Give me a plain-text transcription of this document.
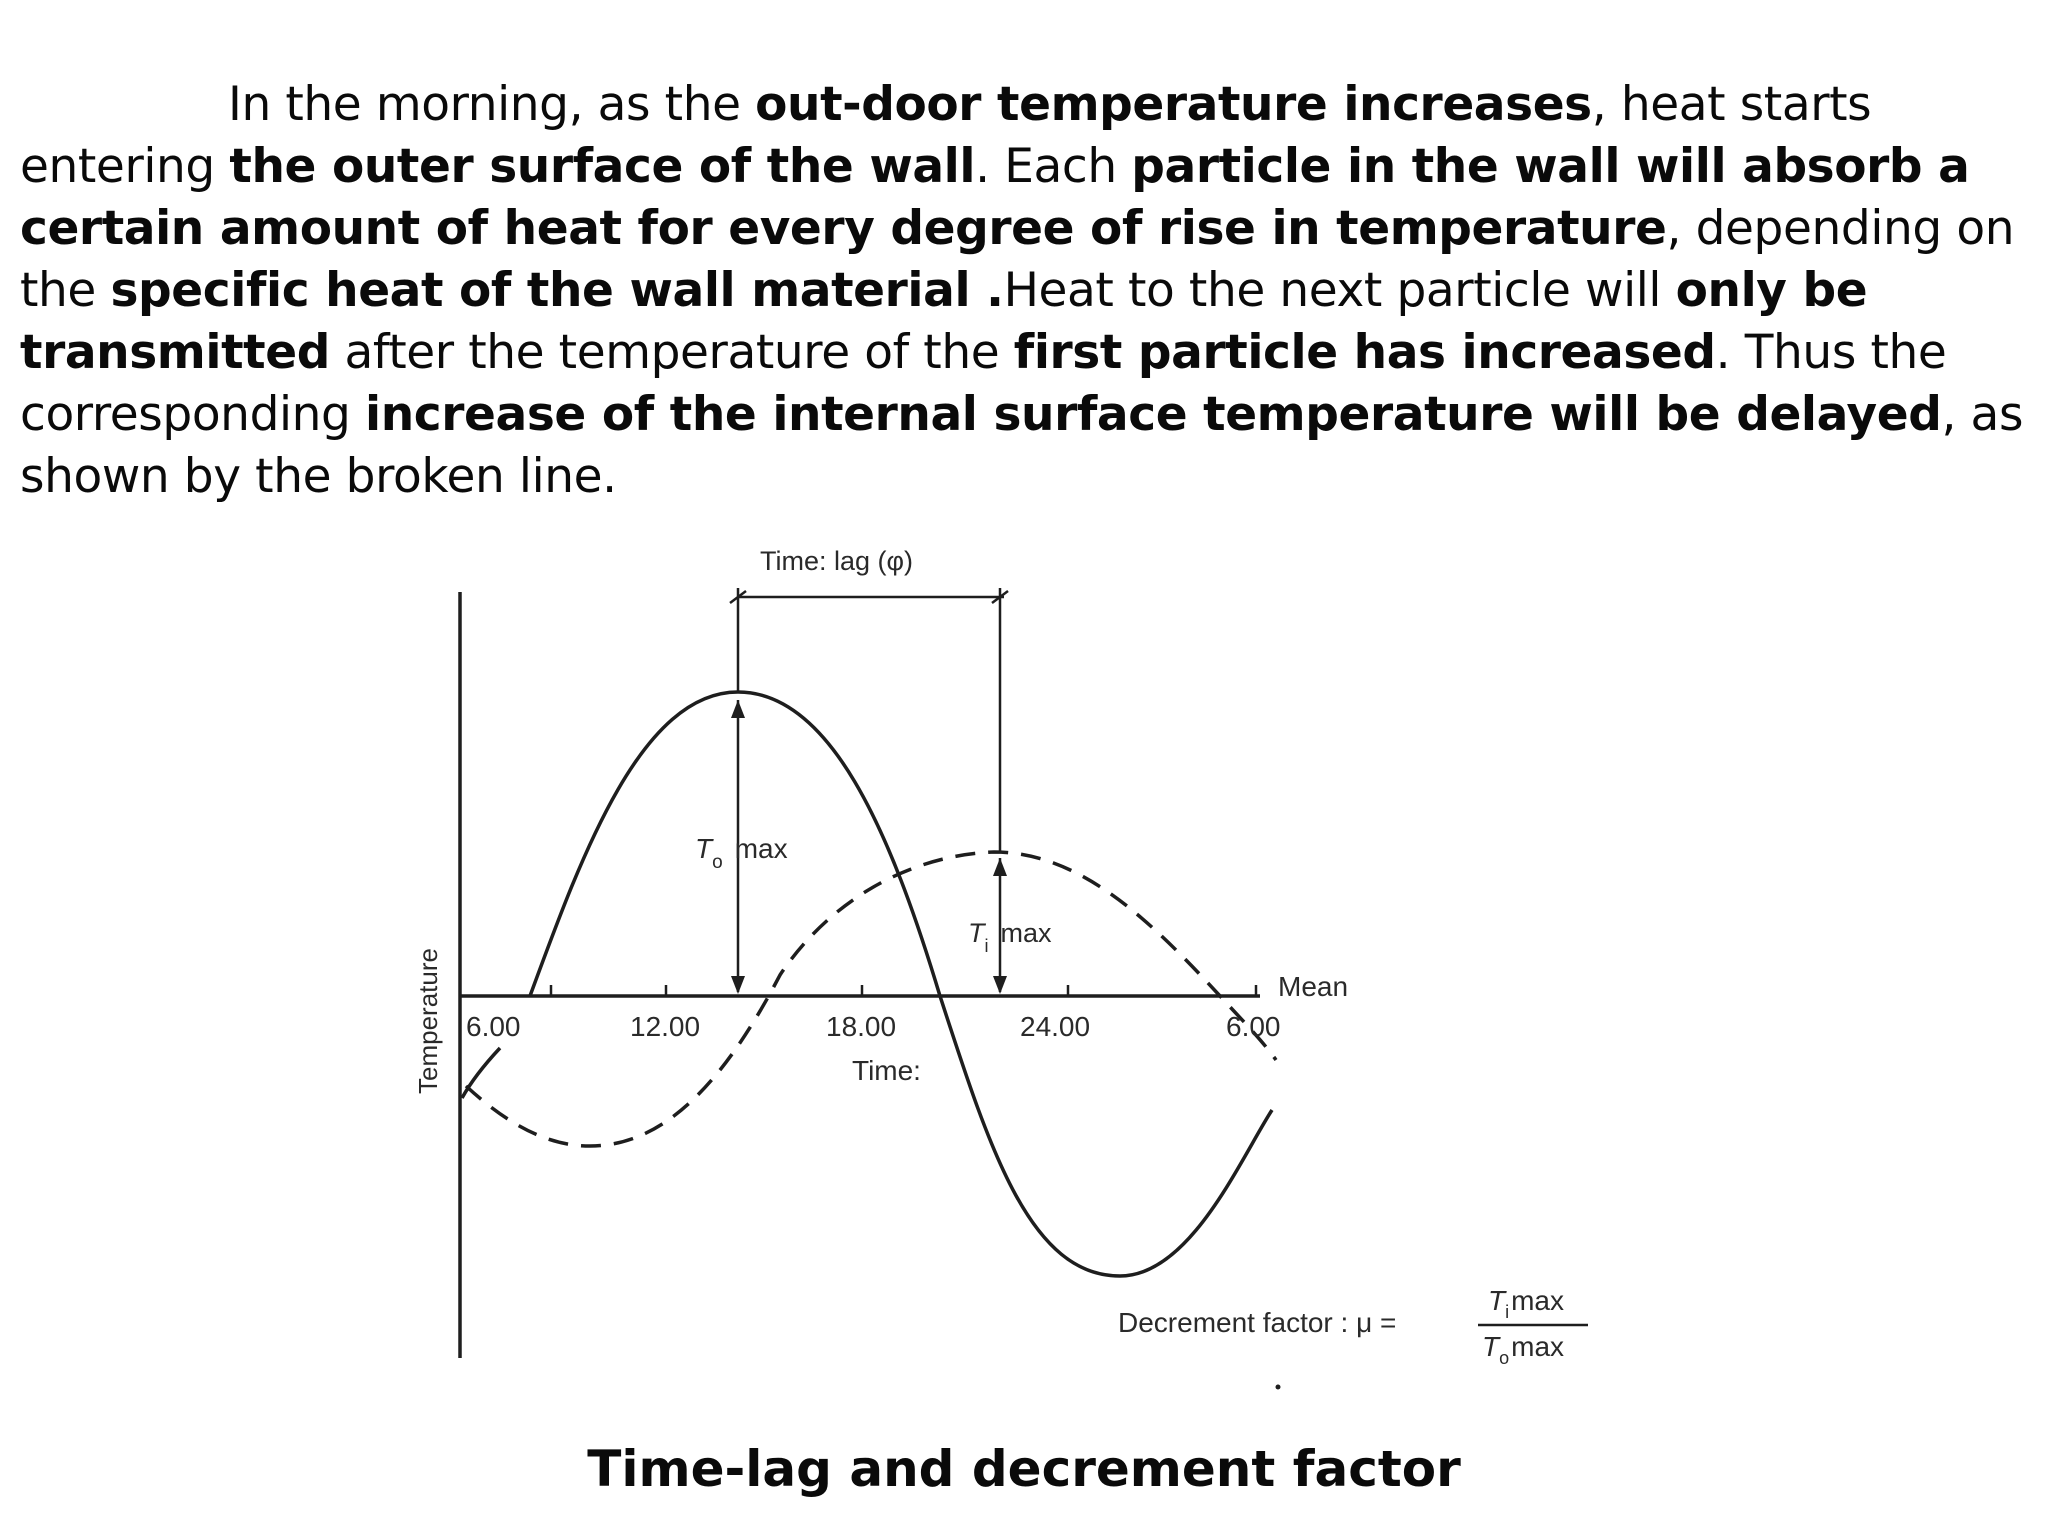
In the morning, as the out-door temperature increases, heat starts entering the outer surface of the wall. Each particle in the wall will absorb a certain amount of heat for every degree of rise in temperature, depending on the specific heat of the wall material .Heat to the next particle will only be transmitted after the temperature of the first particle has increased. Thus the corresponding increase of the internal surface temperature will be delayed, as shown by the broken line.

Time: lag (φ)
$T_o$ max
$T_i$ max
Mean
Temperature 6.00	12.00	18.00	24.00	6.00
Time:
Decrement factor : μ =
$T_i\max$
$T_o\max$

Time-lag and decrement factor
